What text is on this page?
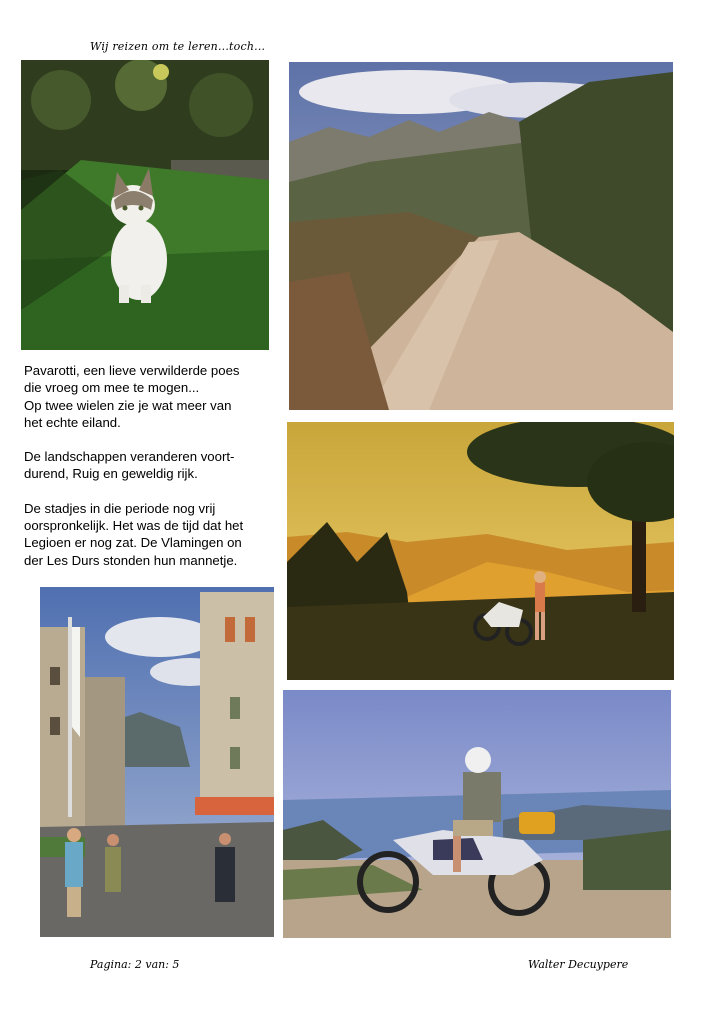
Wij reizen om te leren...toch...

Pavarotti, een lieve verwilderde poes
die vroeg om mee te mogen...
Op twee wielen zie je wat meer van
het echte eiland.

De landschappen veranderen voort-
durend, Ruig en geweldig rijk.

De stadjes in die periode nog vrij
oorspronkelijk. Het was de tijd dat het
Legioen er nog zat. De Vlamingen on
der Les Durs stonden hun mannetje.

Pagina: 2 van: 5	Walter Decuypere
